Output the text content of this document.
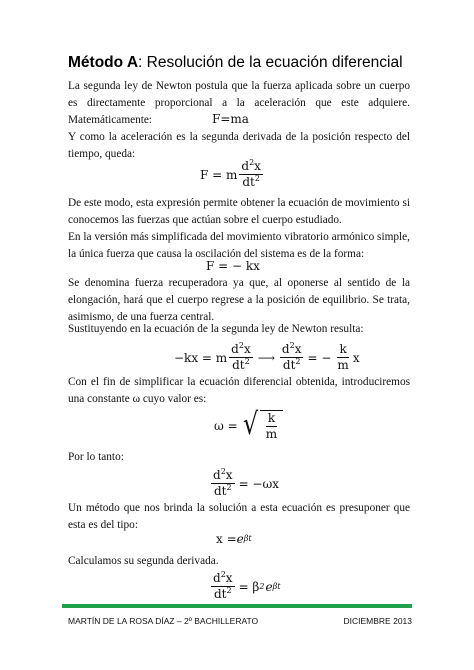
Método A: Resolución de la ecuación diferencial
La segunda ley de Newton postula que la fuerza aplicada sobre un cuerpo es directamente proporcional a la aceleración que este adquiere. Matemáticamente:	F=ma
Y como la aceleración es la segunda derivada de la posición respecto del tiempo, queda:
F = m $\frac{d^2x}{dt^2}$
De este modo, esta expresión permite obtener la ecuación de movimiento si conocemos las fuerzas que actúan sobre el cuerpo estudiado.
En la versión más simplificada del movimiento vibratorio armónico simple, la única fuerza que causa la oscilación del sistema es de la forma:
F = − kx
Se denomina fuerza recuperadora ya que, al oponerse al sentido de la elongación, hará que el cuerpo regrese a la posición de equilibrio. Se trata, asimismo, de una fuerza central.
Sustituyendo en la ecuación de la segunda ley de Newton resulta:
−kx = m $\frac{d^2x}{dt^2}$ ⟶ $\frac{d^2x}{dt^2}$ = − $\frac{k}{m}$ x
Con el fin de simplificar la ecuación diferencial obtenida, introduciremos una constante ω cuyo valor es:
ω = √ $\frac{k}{m}$
Por lo tanto:
$\frac{d^2x}{dt^2} = -\omega x$
Un método que nos brinda la solución a esta ecuación es presuponer que esta es del tipo:
x = e βt
Calculamos su segunda derivada.
$\frac{d^2x}{dt^2} = \beta$ 2 e βt
MARTÍN DE LA ROSA DÍAZ – 2º BACHILLERATO	DICIEMBRE 2013
